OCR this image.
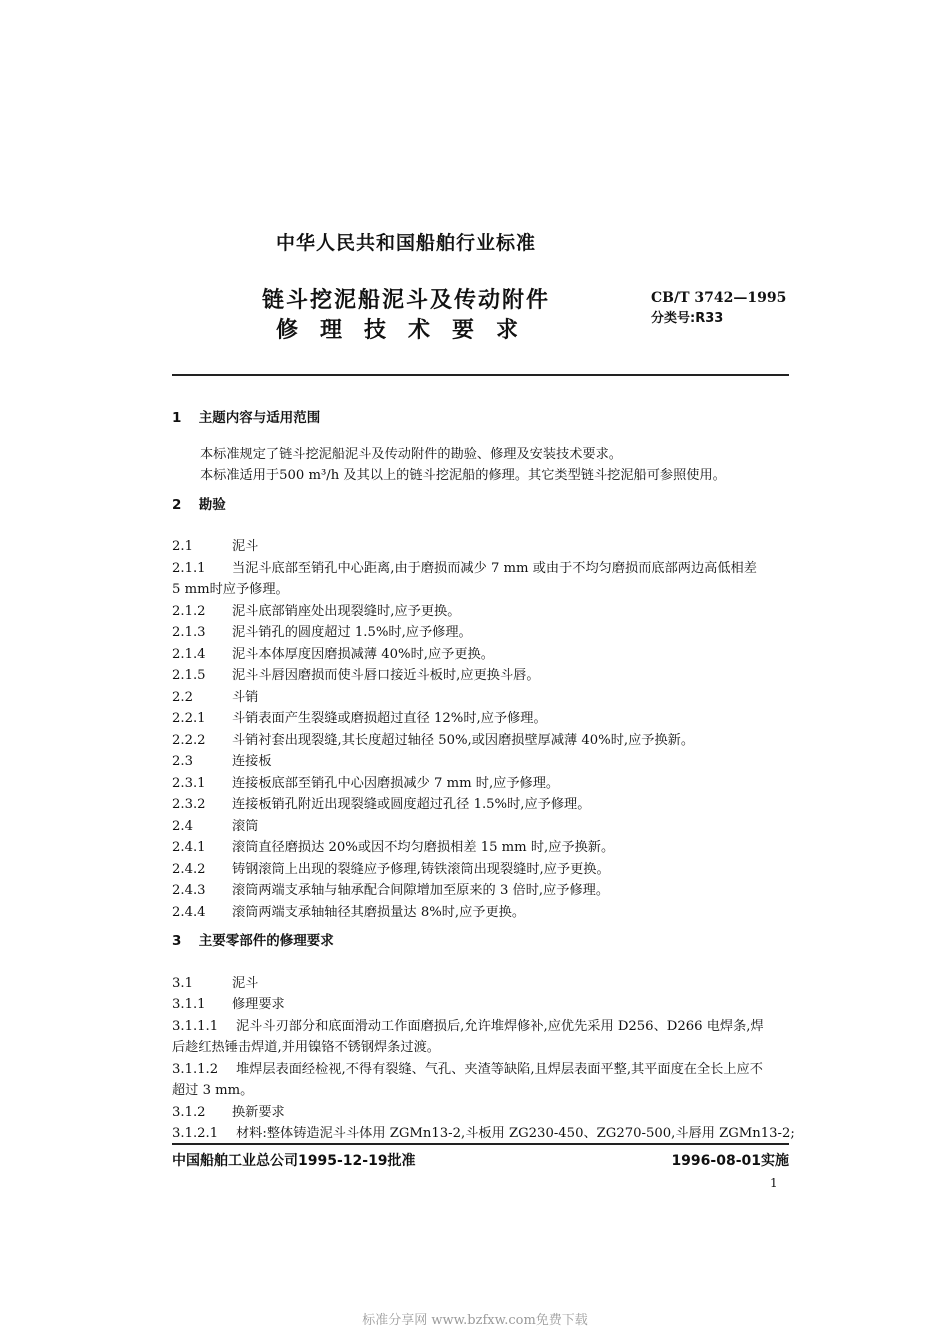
中华人民共和国船舶行业标准
链斗挖泥船泥斗及传动附件
修理技术要求
CB/T 3742—1995
分类号:R33
1 主题内容与适用范围
本标准规定了链斗挖泥船泥斗及传动附件的勘验、修理及安装技术要求。
本标准适用于500 m³/h 及其以上的链斗挖泥船的修理。其它类型链斗挖泥船可参照使用。
2 勘验
2.1	泥斗
2.1.1 当泥斗底部至销孔中心距离,由于磨损而减少 7 mm 或由于不均匀磨损而底部两边高低相差
5 mm时应予修理。
2.1.2 泥斗底部销座处出现裂缝时,应予更换。
2.1.3 泥斗销孔的圆度超过 1.5%时,应予修理。
2.1.4 泥斗本体厚度因磨损减薄 40%时,应予更换。
2.1.5 泥斗斗唇因磨损而使斗唇口接近斗板时,应更换斗唇。
2.2	斗销
2.2.1 斗销表面产生裂缝或磨损超过直径 12%时,应予修理。
2.2.2 斗销衬套出现裂缝,其长度超过轴径 50%,或因磨损壁厚减薄 40%时,应予换新。
2.3	连接板
2.3.1 连接板底部至销孔中心因磨损减少 7 mm 时,应予修理。
2.3.2 连接板销孔附近出现裂缝或圆度超过孔径 1.5%时,应予修理。
2.4	滚筒
2.4.1 滚筒直径磨损达 20%或因不均匀磨损相差 15 mm 时,应予换新。
2.4.2 铸钢滚筒上出现的裂缝应予修理,铸铁滚筒出现裂缝时,应予更换。
2.4.3 滚筒两端支承轴与轴承配合间隙增加至原来的 3 倍时,应予修理。
2.4.4 滚筒两端支承轴轴径其磨损量达 8%时,应予更换。
3 主要零部件的修理要求
3.1	泥斗
3.1.1 修理要求
3.1.1.1 泥斗斗刃部分和底面滑动工作面磨损后,允许堆焊修补,应优先采用 D256、D266 电焊条,焊
后趁红热锤击焊道,并用镍铬不锈钢焊条过渡。
3.1.1.2 堆焊层表面经检视,不得有裂缝、气孔、夹渣等缺陷,且焊层表面平整,其平面度在全长上应不
超过 3 mm。
3.1.2 换新要求
3.1.2.1 材料:整体铸造泥斗斗体用 ZGMn13-2,斗板用 ZG230-450、ZG270-500,斗唇用 ZGMn13-2;
中国船舶工业总公司1995-12-19批准	1996-08-01实施
1
标准分享网 www.bzfxw.com免费下载
